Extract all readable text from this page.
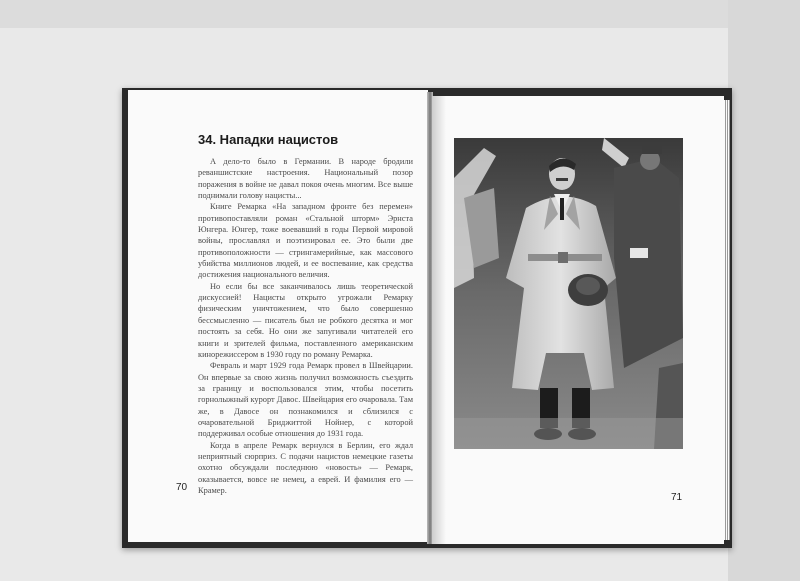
34. Нападки нацистов

А дело-то было в Германии. В народе бродили реваншистские настроения. Национальный позор поражения в войне не давал покоя очень многим. Все выше поднимали голову нацисты...

Книге Ремарка «На западном фронте без перемен» противопоставляли роман «Стальной шторм» Эрнста Юнгера. Юнгер, тоже воевавший в годы Первой мировой войны, прославлял и поэтизировал ее. Это были две противоположности — стрингамерийные, как массового убийства миллионов людей, и ее воспевание, как средства достижения национального величия.

Но если бы все заканчивалось лишь теоретической дискуссией! Нацисты открыто угрожали Ремарку физическим уничтожением, что было совершенно бессмысленно — писатель был не робкого десятка и мог постоять за себя. Но они же запугивали читателей его книги и зрителей фильма, поставленного американским кинорежиссером в 1930 году по роману Ремарка.

Февраль и март 1929 года Ремарк провел в Швейцарии. Он впервые за свою жизнь получил возможность съездить за границу и воспользовался этим, чтобы посетить горнолыжный курорт Давос. Швейцария его очаровала. Там же, в Давосе он познакомился и сблизился с очаровательной Бриджиттой Нойнер, с которой поддерживал особые отношения до 1931 года.

Когда в апреле Ремарк вернулся в Берлин, его ждал неприятный сюрприз. С подачи нацистов немецкие газеты охотно обсуждали последнюю «новость» — Ремарк, оказывается, вовсе не немец, а еврей. И фамилия его — Крамер.

70
71
